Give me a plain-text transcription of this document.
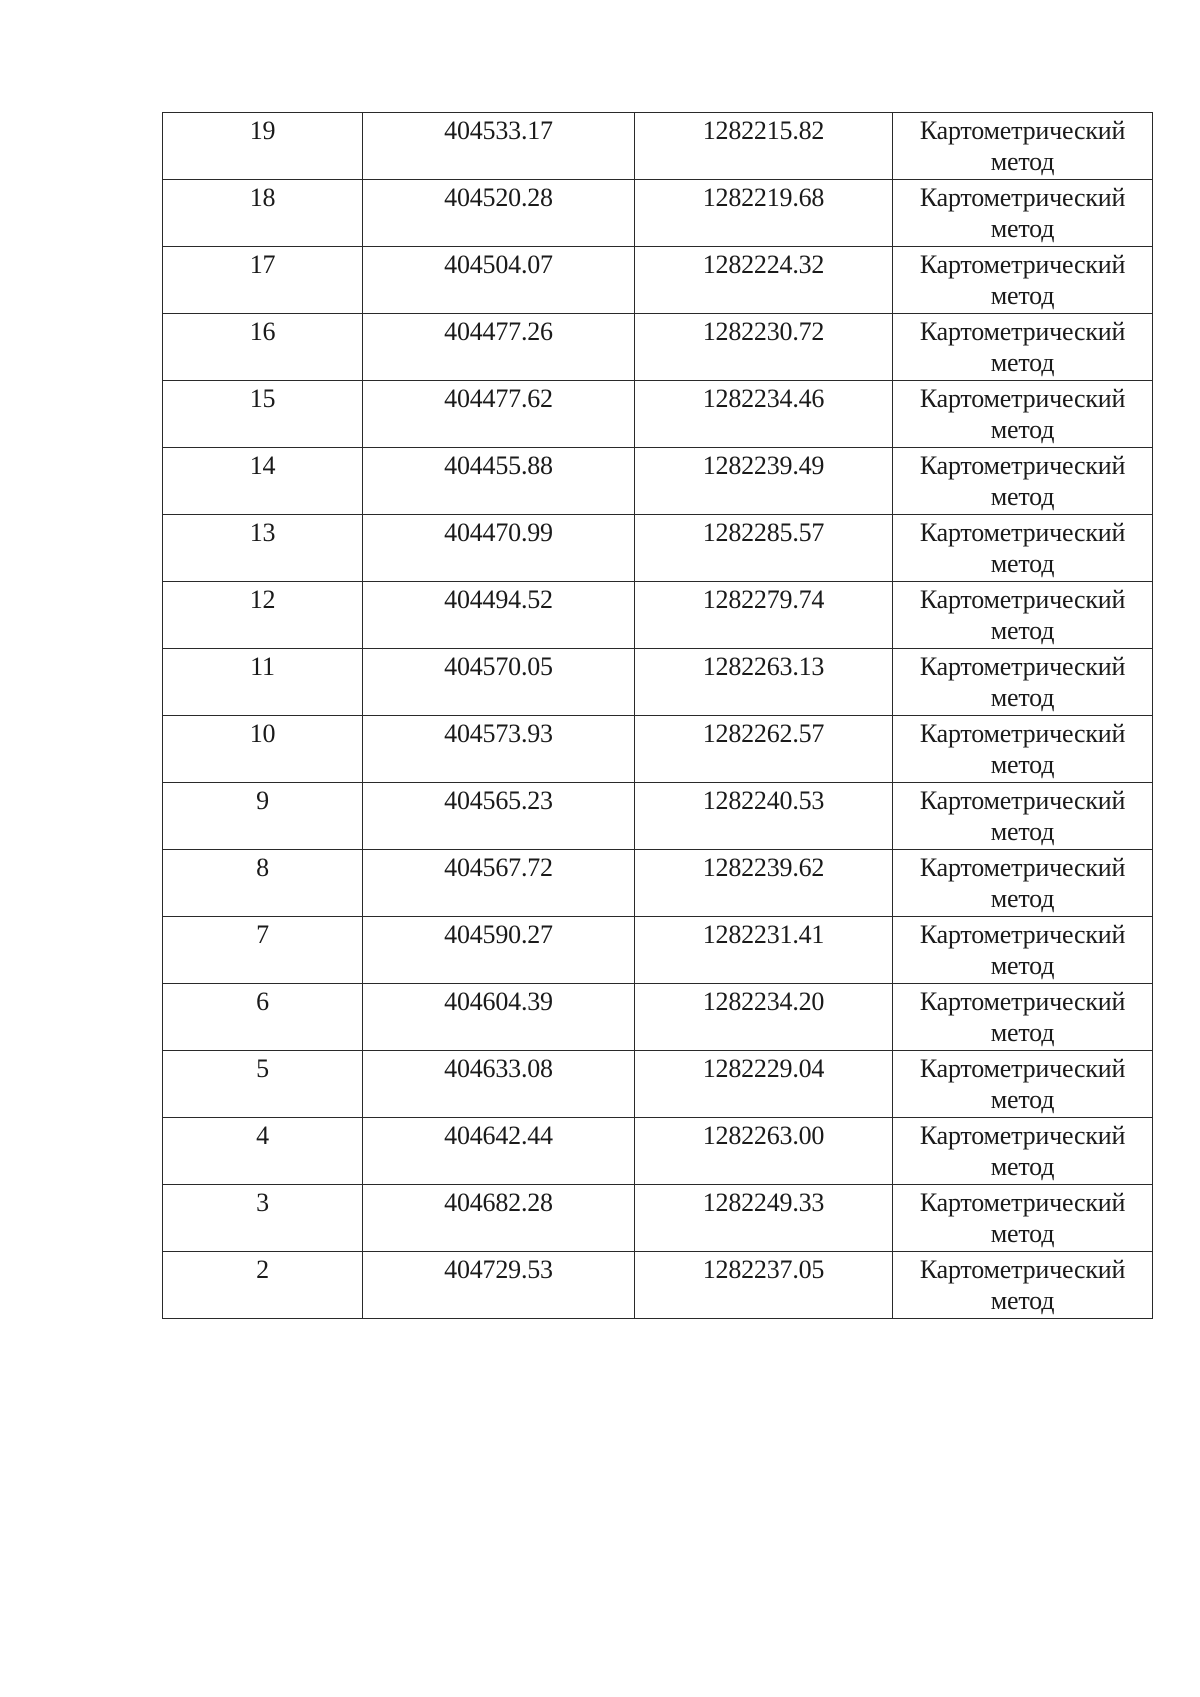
19	404533.17	1282215.82	Картометрический
метод

18	404520.28	1282219.68	Картометрический
метод

17	404504.07	1282224.32	Картометрический
метод

16	404477.26	1282230.72	Картометрический
метод

15	404477.62	1282234.46	Картометрический
метод

14	404455.88	1282239.49	Картометрический
метод

13	404470.99	1282285.57	Картометрический
метод

12	404494.52	1282279.74	Картометрический
метод

11	404570.05	1282263.13	Картометрический
метод

10	404573.93	1282262.57	Картометрический
метод

9	404565.23	1282240.53	Картометрический
метод

8	404567.72	1282239.62	Картометрический
метод

7	404590.27	1282231.41	Картометрический
метод

6	404604.39	1282234.20	Картометрический
метод

5	404633.08	1282229.04	Картометрический
метод

4	404642.44	1282263.00	Картометрический
метод

3	404682.28	1282249.33	Картометрический
метод

2	404729.53	1282237.05	Картометрический
метод
